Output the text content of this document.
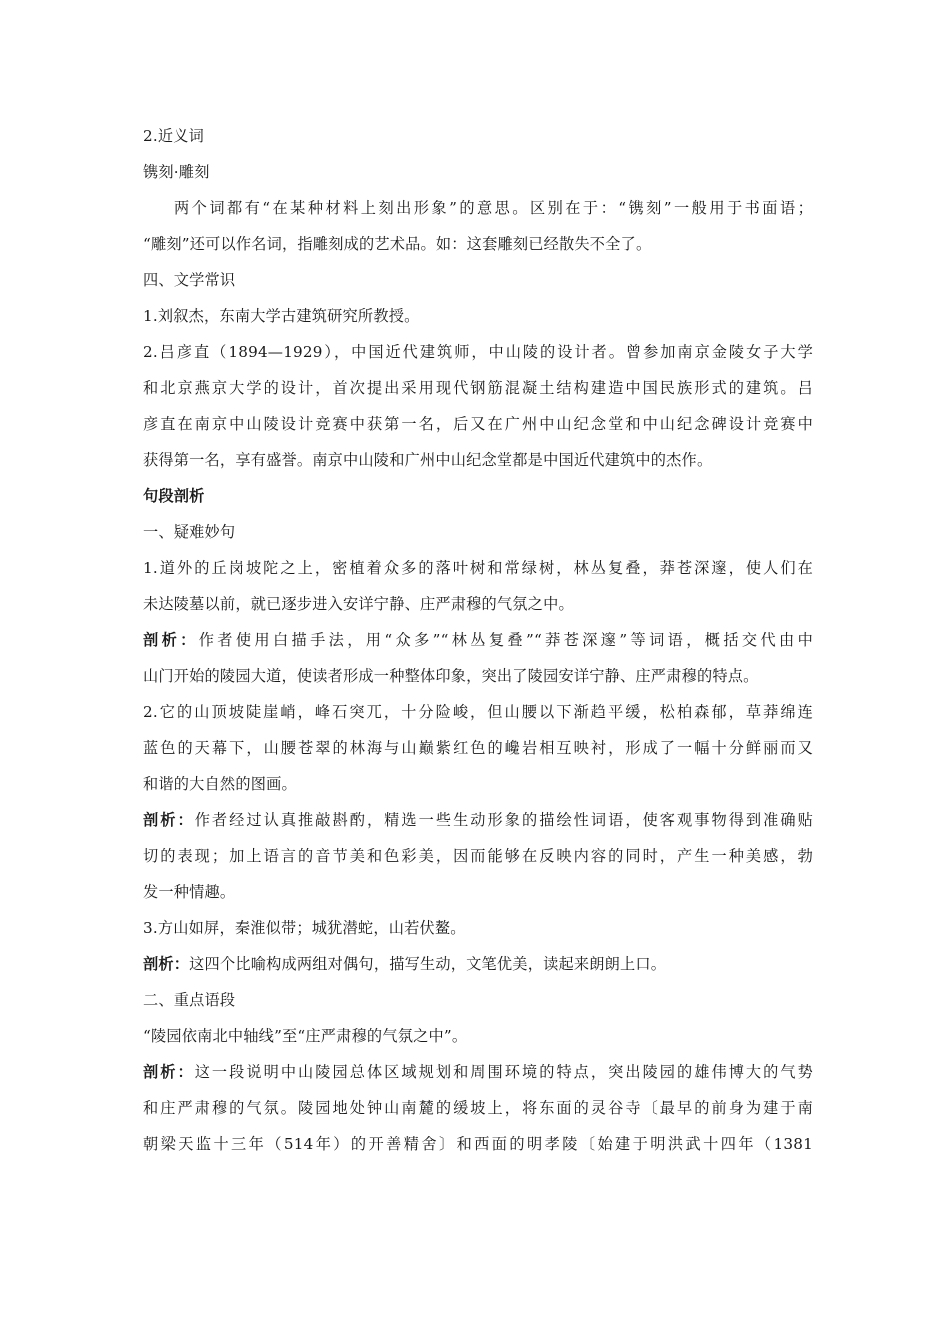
2.近义词
镌刻·雕刻
两个词都有“在某种材料上刻出形象”的意思。区别在于：“镌刻”一般用于书面语；
“雕刻”还可以作名词，指雕刻成的艺术品。如：这套雕刻已经散失不全了。
四、文学常识
1.刘叙杰，东南大学古建筑研究所教授。
2.吕彦直（1894—1929），中国近代建筑师，中山陵的设计者。曾参加南京金陵女子大学
和北京燕京大学的设计，首次提出采用现代钢筋混凝土结构建造中国民族形式的建筑。吕
彦直在南京中山陵设计竞赛中获第一名，后又在广州中山纪念堂和中山纪念碑设计竞赛中
获得第一名，享有盛誉。南京中山陵和广州中山纪念堂都是中国近代建筑中的杰作。
句段剖析
一、疑难妙句
1.道外的丘岗坡陀之上，密植着众多的落叶树和常绿树，林丛复叠，莽苍深邃，使人们在
未达陵墓以前，就已逐步进入安详宁静、庄严肃穆的气氛之中。
剖析：作者使用白描手法，用“众多”“林丛复叠”“莽苍深邃”等词语，概括交代由中
山门开始的陵园大道，使读者形成一种整体印象，突出了陵园安详宁静、庄严肃穆的特点。
2.它的山顶坡陡崖峭，峰石突兀，十分险峻，但山腰以下渐趋平缓，松柏森郁，草莽绵连
蓝色的天幕下，山腰苍翠的林海与山巅紫红色的巉岩相互映衬，形成了一幅十分鲜丽而又
和谐的大自然的图画。
剖析：作者经过认真推敲斟酌，精选一些生动形象的描绘性词语，使客观事物得到准确贴
切的表现；加上语言的音节美和色彩美，因而能够在反映内容的同时，产生一种美感，勃
发一种情趣。
3.方山如屏，秦淮似带；城犹潜蛇，山若伏鳌。
剖析：这四个比喻构成两组对偶句，描写生动，文笔优美，读起来朗朗上口。
二、重点语段
“陵园依南北中轴线”至“庄严肃穆的气氛之中”。
剖析：这一段说明中山陵园总体区域规划和周围环境的特点，突出陵园的雄伟博大的气势
和庄严肃穆的气氛。陵园地处钟山南麓的缓坡上，将东面的灵谷寺〔最早的前身为建于南
朝梁天监十三年（514年）的开善精舍〕和西面的明孝陵〔始建于明洪武十四年（1381
